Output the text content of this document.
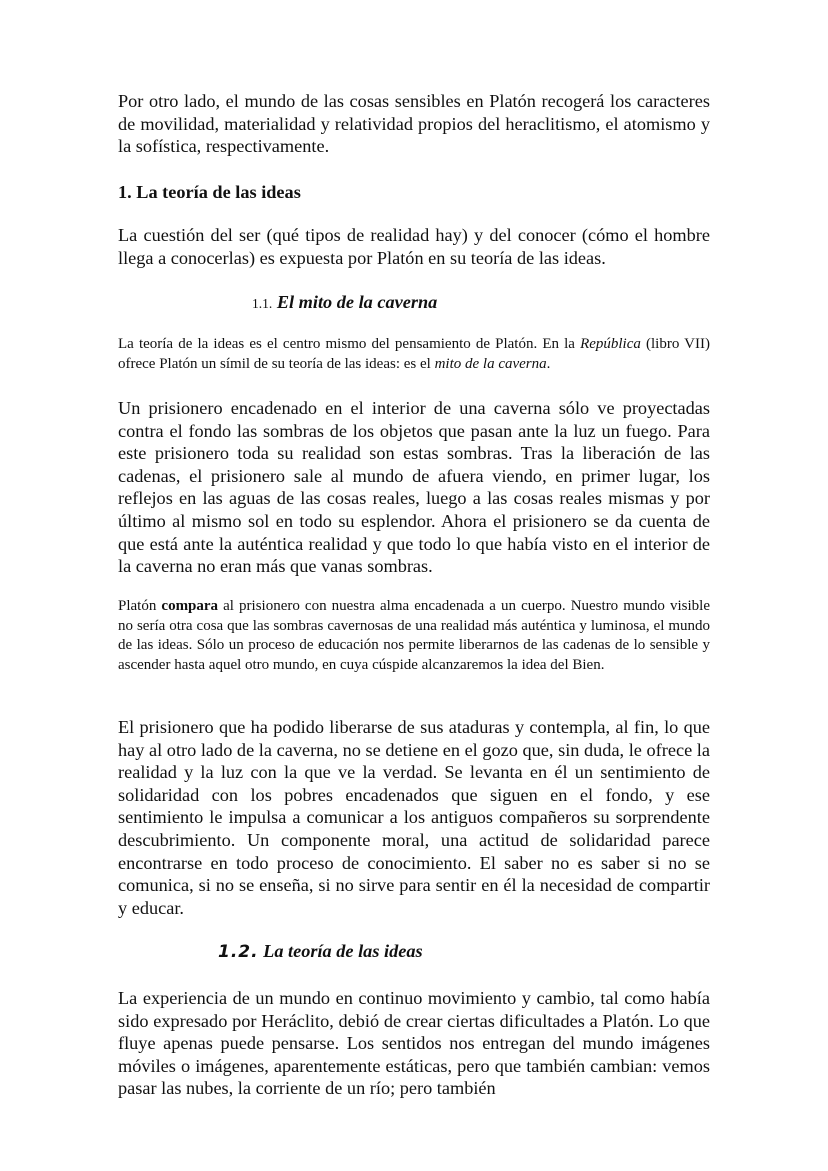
Por otro lado, el mundo de las cosas sensibles en Platón recogerá los caracteres de movilidad, materialidad y relatividad propios del heraclitismo, el atomismo y la sofística, respectivamente.

1. La teoría de las ideas

La cuestión del ser (qué tipos de realidad hay) y del conocer (cómo el hombre llega a conocerlas) es expuesta por Platón en su teoría de las ideas.

1.1. El mito de la caverna

La teoría de la ideas es el centro mismo del pensamiento de Platón. En la República (libro VII) ofrece Platón un símil de su teoría de las ideas: es el mito de la caverna.

Un prisionero encadenado en el interior de una caverna sólo ve proyectadas contra el fondo las sombras de los objetos que pasan ante la luz un fuego. Para este prisionero toda su realidad son estas sombras. Tras la liberación de las cadenas, el prisionero sale al mundo de afuera viendo, en primer lugar, los reflejos en las aguas de las cosas reales, luego a las cosas reales mismas y por último al mismo sol en todo su esplendor. Ahora el prisionero se da cuenta de que está ante la auténtica realidad y que todo lo que había visto en el interior de la caverna no eran más que vanas sombras.

Platón compara al prisionero con nuestra alma encadenada a un cuerpo. Nuestro mundo visible no sería otra cosa que las sombras cavernosas de una realidad más auténtica y luminosa, el mundo de las ideas. Sólo un proceso de educación nos permite liberarnos de las cadenas de lo sensible y ascender hasta aquel otro mundo, en cuya cúspide alcanzaremos la idea del Bien.

El prisionero que ha podido liberarse de sus ataduras y contempla, al fin, lo que hay al otro lado de la caverna, no se detiene en el gozo que, sin duda, le ofrece la realidad y la luz con la que ve la verdad. Se levanta en él un sentimiento de solidaridad con los pobres encadenados que siguen en el fondo, y ese sentimiento le impulsa a comunicar a los antiguos compañeros su sorprendente descubrimiento. Un componente moral, una actitud de solidaridad parece encontrarse en todo proceso de conocimiento. El saber no es saber si no se comunica, si no se enseña, si no sirve para sentir en él la necesidad de compartir y educar.

1.2. La teoría de las ideas

La experiencia de un mundo en continuo movimiento y cambio, tal como había sido expresado por Heráclito, debió de crear ciertas dificultades a Platón. Lo que fluye apenas puede pensarse. Los sentidos nos entregan del mundo imágenes móviles o imágenes, aparentemente estáticas, pero que también cambian: vemos pasar las nubes, la corriente de un río; pero también
